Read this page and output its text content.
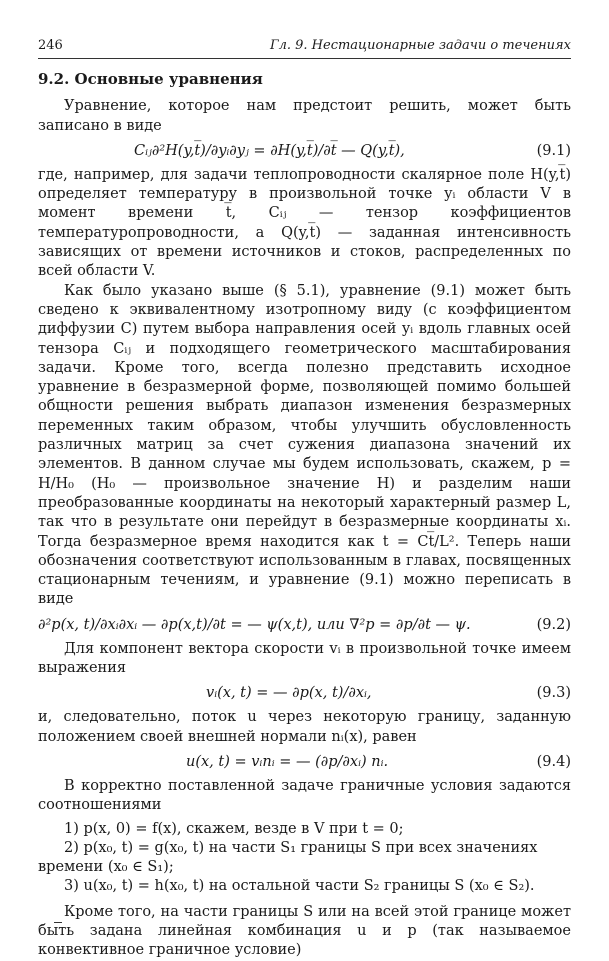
246	Гл. 9. Нестационарные задачи о течениях
9.2. Основные уравнения

Уравнение, которое нам предстоит решить, может быть записано в виде

Cᵢⱼ∂²H(y,t̅)/∂yᵢ∂yⱼ = ∂H(y,t̅)/∂t̅ — Q(y,t̅),	(9.1)

где, например, для задачи теплопроводности скалярное поле H(y,t̅) определяет температуру в произвольной точке yᵢ области V в момент времени t̅, Cᵢⱼ — тензор коэффициентов температуропроводности, а Q(y,t̅) — заданная интенсивность зависящих от времени источников и стоков, распределенных по всей области V.

Как было указано выше (§ 5.1), уравнение (9.1) может быть сведено к эквивалентному изотропному виду (с коэффициентом диффузии C) путем выбора направления осей yᵢ вдоль главных осей тензора Cᵢⱼ и подходящего геометрического масштабирования задачи. Кроме того, всегда полезно представить исходное уравнение в безразмерной форме, позволяющей помимо большей общности решения выбрать диапазон изменения безразмерных переменных таким образом, чтобы улучшить обусловленность различных матриц за счет сужения диапазона значений их элементов. В данном случае мы будем использовать, скажем, p = H/H₀ (H₀ — произвольное значение H) и разделим наши преобразованные координаты на некоторый характерный размер L, так что в результате они перейдут в безразмерные координаты xᵢ. Тогда безразмерное время находится как t = Ct̅/L². Теперь наши обозначения соответствуют использованным в главах, посвященных стационарным течениям, и уравнение (9.1) можно переписать в виде

∂²p(x, t)/∂xᵢ∂xᵢ — ∂p(x,t)/∂t = — ψ(x,t), или ∇²p = ∂p/∂t — ψ.	(9.2)

Для компонент вектора скорости vᵢ в произвольной точке имеем выражения

vᵢ(x, t) = — ∂p(x, t)/∂xᵢ,	(9.3)

и, следовательно, поток u через некоторую границу, заданную положением своей внешней нормали nᵢ(x), равен

u(x, t) = vᵢnᵢ = — (∂p/∂xᵢ) nᵢ.	(9.4)

В корректно поставленной задаче граничные условия задаются соотношениями

1) p(x, 0) = f(x), скажем, везде в V при t = 0;

2) p(x₀, t) = g(x₀, t) на части S₁ границы S при всех значениях времени (x₀ ∈ S₁);

3) u(x₀, t) = h(x₀, t) на остальной части S₂ границы S (x₀ ∈ S₂).

Кроме того, на части границы S или на всей этой границе может быть задана линейная комбинация u и p (так называемое конвективное граничное условие)
